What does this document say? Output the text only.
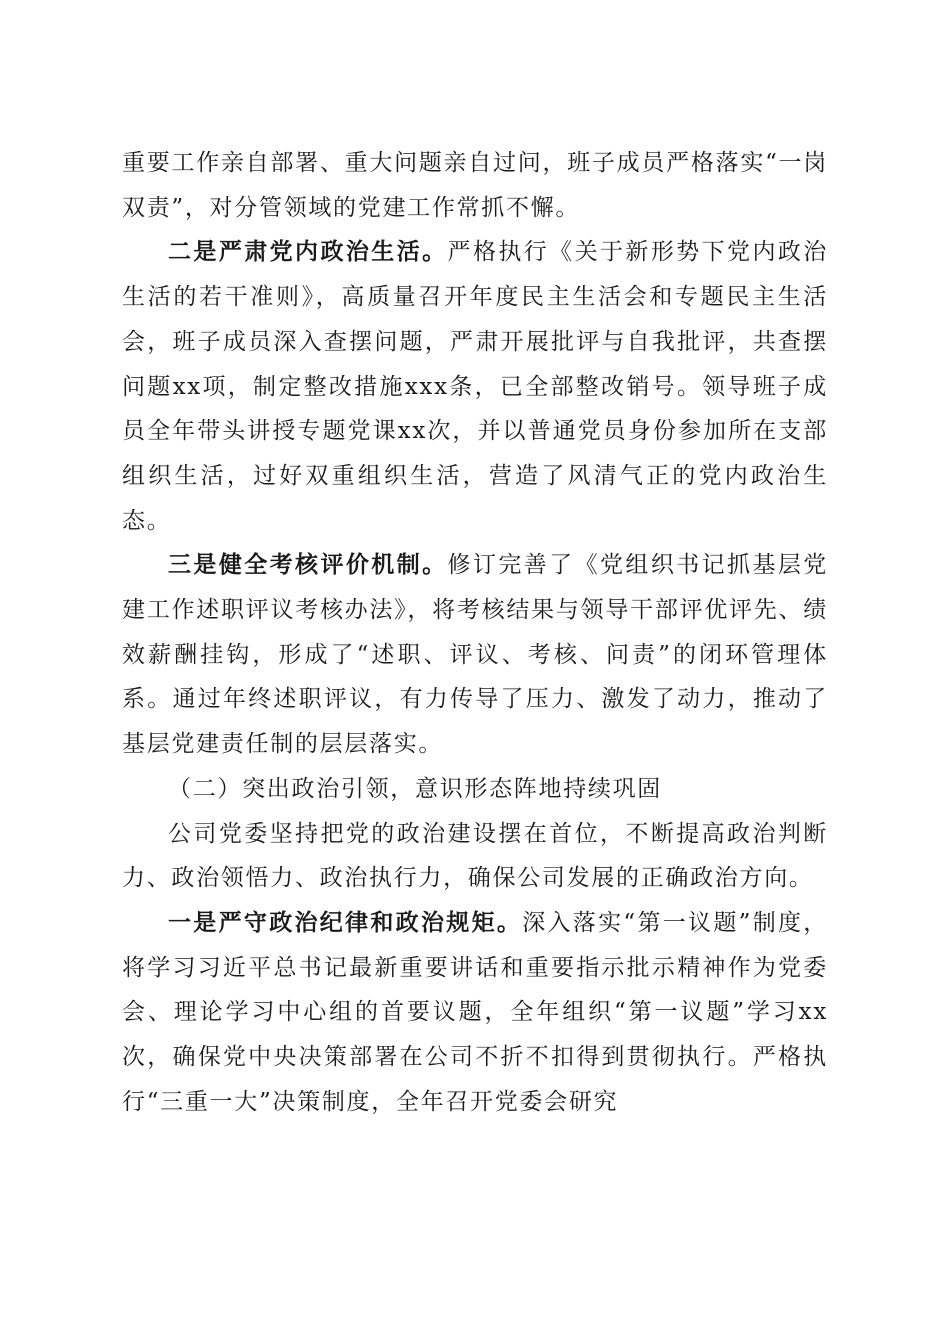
重要工作亲自部署、重大问题亲自过问，班子成员严格落实“一岗双责”，对分管领域的党建工作常抓不懈。

二是严肃党内政治生活。严格执行《关于新形势下党内政治生活的若干准则》，高质量召开年度民主生活会和专题民主生活会，班子成员深入查摆问题，严肃开展批评与自我批评，共查摆问题xx项，制定整改措施xxx条，已全部整改销号。领导班子成员全年带头讲授专题党课xx次，并以普通党员身份参加所在支部组织生活，过好双重组织生活，营造了风清气正的党内政治生态。

三是健全考核评价机制。修订完善了《党组织书记抓基层党建工作述职评议考核办法》，将考核结果与领导干部评优评先、绩效薪酬挂钩，形成了“述职、评议、考核、问责”的闭环管理体系。通过年终述职评议，有力传导了压力、激发了动力，推动了基层党建责任制的层层落实。

（二）突出政治引领，意识形态阵地持续巩固

公司党委坚持把党的政治建设摆在首位，不断提高政治判断力、政治领悟力、政治执行力，确保公司发展的正确政治方向。

一是严守政治纪律和政治规矩。深入落实“第一议题”制度，将学习习近平总书记最新重要讲话和重要指示批示精神作为党委会、理论学习中心组的首要议题，全年组织“第一议题”学习xx次，确保党中央决策部署在公司不折不扣得到贯彻执行。严格执行“三重一大”决策制度，全年召开党委会研究
